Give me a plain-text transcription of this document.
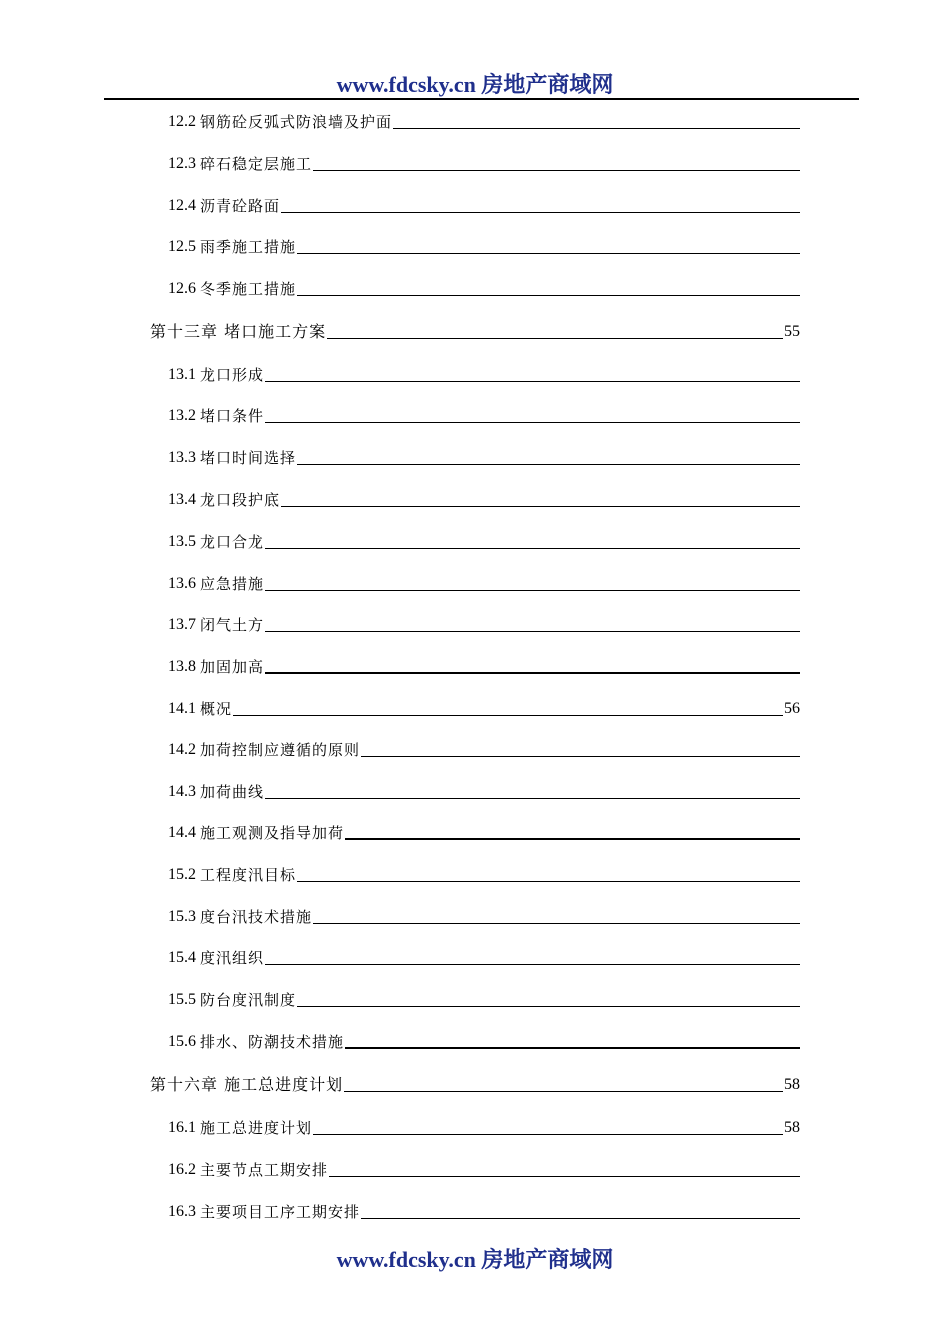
www.fdcsky.cn 房地产商域网
12.2 钢筋砼反弧式防浪墙及护面
12.3 碎石稳定层施工
12.4 沥青砼路面
12.5 雨季施工措施
12.6 冬季施工措施
第十三章 堵口施工方案	55
13.1 龙口形成
13.2 堵口条件
13.3 堵口时间选择
13.4 龙口段护底
13.5 龙口合龙
13.6 应急措施
13.7 闭气土方
13.8 加固加高
14.1 概况	56
14.2 加荷控制应遵循的原则
14.3 加荷曲线
14.4 施工观测及指导加荷
15.2 工程度汛目标
15.3 度台汛技术措施
15.4 度汛组织
15.5 防台度汛制度
15.6 排水、防潮技术措施
第十六章 施工总进度计划	58
16.1 施工总进度计划	58
16.2 主要节点工期安排
16.3 主要项目工序工期安排
www.fdcsky.cn 房地产商域网
